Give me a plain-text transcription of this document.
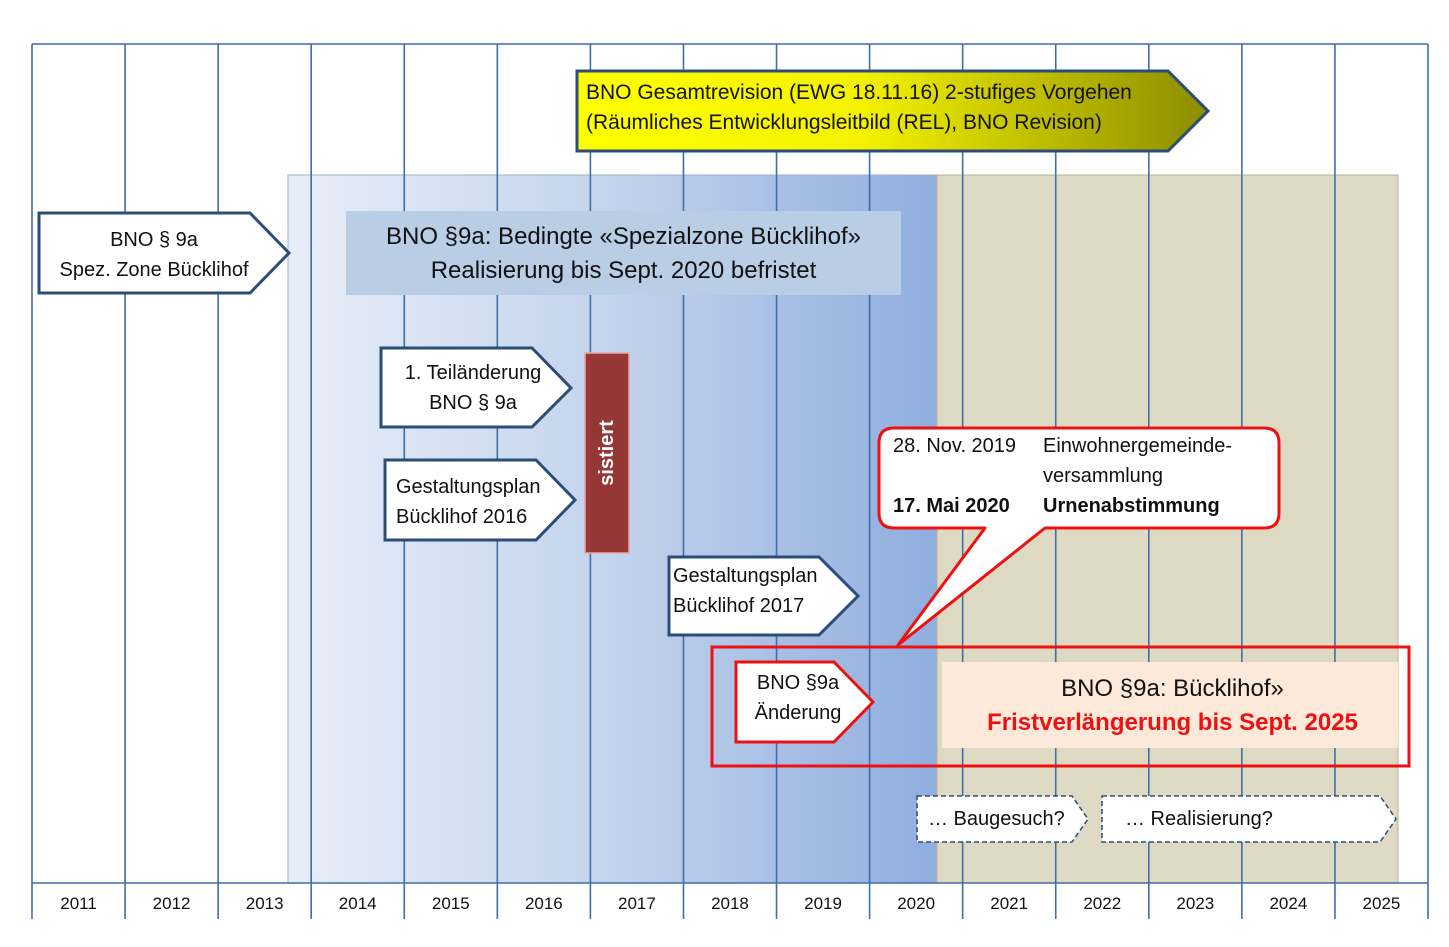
2011	2012	2013	2014	2015	2016	2017	2018	2019	2020	2021	2022	2023	2024	2025
BNO Gesamtrevision (EWG 18.11.16) 2-stufiges Vorgehen
(Räumliches Entwicklungsleitbild (REL), BNO Revision)
BNO § 9a
Spez. Zone Bücklihof
BNO §9a: Bedingte «Spezialzone Bücklihof»
Realisierung bis Sept. 2020 befristet
1. Teiländerung
BNO § 9a
sistiert
Gestaltungsplan
Bücklihof 2016
Gestaltungsplan
Bücklihof 2017
28. Nov. 2019 Einwohnergemeinde-
versammlung
17. Mai 2020 Urnenabstimmung
BNO §9a
Änderung
BNO §9a: Bücklihof»
Fristverlängerung bis Sept. 2025
… Baugesuch?	… Realisierung?
